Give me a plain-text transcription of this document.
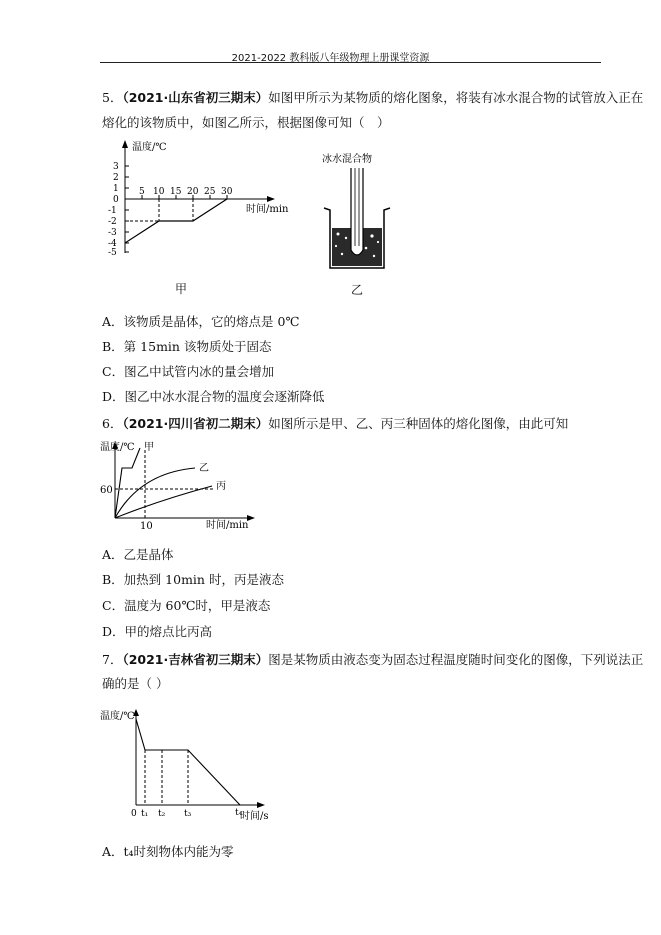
2021-2022 教科版八年级物理上册课堂资源
5．（2021·山东省初三期末）如图甲所示为某物质的熔化图象，将装有冰水混合物的试管放入正在
熔化的该物质中，如图乙所示，根据图像可知（　）
温度/℃
时间/min
3
2
1
0
-1
-2
-3
-4
-5
5 10 15 20 25 30
甲
冰水混合物
乙
A．该物质是晶体，它的熔点是 0℃
B．第 15min 该物质处于固态
C．图乙中试管内冰的量会增加
D．图乙中冰水混合物的温度会逐渐降低
6．（2021·四川省初二期末）如图所示是甲、乙、丙三种固体的熔化图像，由此可知
温度/℃
时间/min
60
10
甲
乙
丙
A．乙是晶体
B．加热到 10min 时，丙是液态
C．温度为 60℃时，甲是液态
D．甲的熔点比丙高
7．（2021·吉林省初三期末）图是某物质由液态变为固态过程温度随时间变化的图像，下列说法正
确的是（ ）
温度/℃
时间/s
0 t₁ t₂ t₃	t₄
A．t₄时刻物体内能为零
